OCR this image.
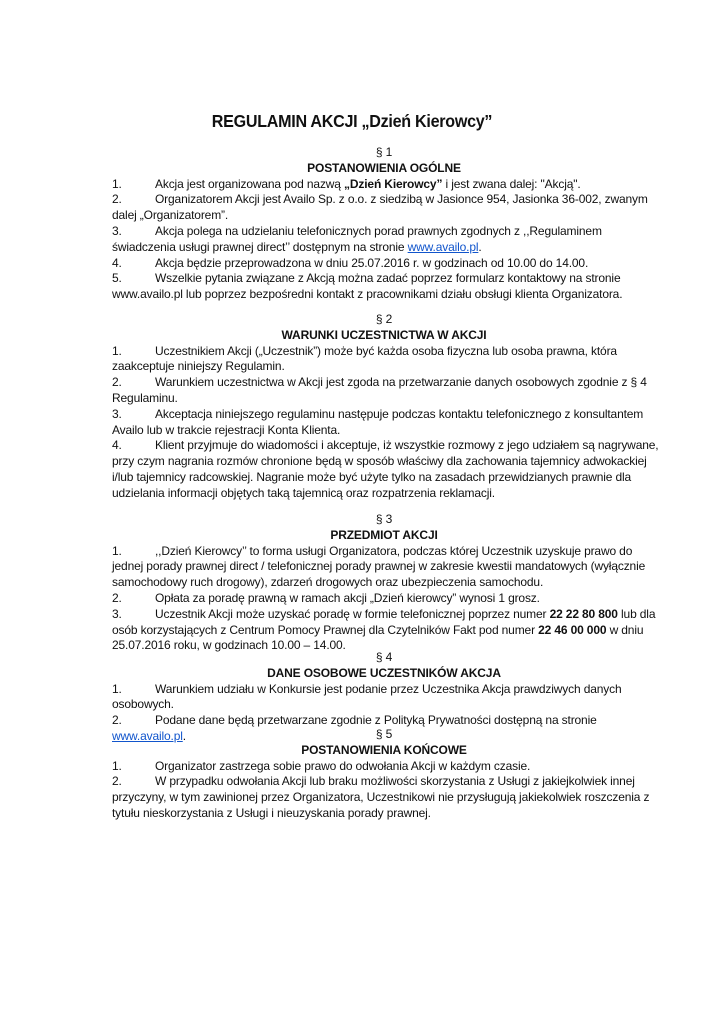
REGULAMIN AKCJI „Dzień Kierowcy”
§ 1
POSTANOWIENIA OGÓLNE
1.	Akcja jest organizowana pod nazwą „Dzień Kierowcy” i jest zwana dalej: "Akcją".
2.	Organizatorem Akcji jest Availo Sp. z o.o. z siedzibą w Jasionce 954, Jasionka 36-002, zwanym dalej „Organizatorem”.
3.	Akcja polega na udzielaniu telefonicznych porad prawnych zgodnych z ,,Regulaminem świadczenia usługi prawnej direct’’ dostępnym na stronie www.availo.pl.
4.	Akcja będzie przeprowadzona w dniu 25.07.2016 r. w godzinach od 10.00 do 14.00.
5.	Wszelkie pytania związane z Akcją można zadać poprzez formularz kontaktowy na stronie www.availo.pl lub poprzez bezpośredni kontakt z pracownikami działu obsługi klienta Organizatora.
§ 2
WARUNKI UCZESTNICTWA W AKCJI
1.	Uczestnikiem Akcji („Uczestnik”) może być każda osoba fizyczna lub osoba prawna, która zaakceptuje niniejszy Regulamin.
2.	Warunkiem uczestnictwa w Akcji jest zgoda na przetwarzanie danych osobowych zgodnie z § 4 Regulaminu.
3.	Akceptacja niniejszego regulaminu następuje podczas kontaktu telefonicznego z konsultantem Availo lub w trakcie rejestracji Konta Klienta.
4.	Klient przyjmuje do wiadomości i akceptuje, iż wszystkie rozmowy z jego udziałem są nagrywane, przy czym nagrania rozmów chronione będą w sposób właściwy dla zachowania tajemnicy adwokackiej i/lub tajemnicy radcowskiej. Nagranie może być użyte tylko na zasadach przewidzianych prawnie dla udzielania informacji objętych taką tajemnicą oraz rozpatrzenia reklamacji.
§ 3
PRZEDMIOT AKCJI
1.	,,Dzień Kierowcy’’ to forma usługi Organizatora, podczas której Uczestnik uzyskuje prawo do jednej porady prawnej direct / telefonicznej porady prawnej w zakresie kwestii mandatowych (wyłącznie samochodowy ruch drogowy), zdarzeń drogowych oraz ubezpieczenia samochodu.
2.	Opłata za poradę prawną w ramach akcji „Dzień kierowcy” wynosi 1 grosz.
3.	Uczestnik Akcji może uzyskać poradę w formie telefonicznej poprzez numer 22 22 80 800 lub dla osób korzystających z Centrum Pomocy Prawnej dla Czytelników Fakt pod numer 22 46 00 000 w dniu 25.07.2016 roku, w godzinach 10.00 – 14.00.
§ 4
DANE OSOBOWE UCZESTNIKÓW AKCJA
1.	Warunkiem udziału w Konkursie jest podanie przez Uczestnika Akcja prawdziwych danych osobowych.
2.	Podane dane będą przetwarzane zgodnie z Polityką Prywatności dostępną na stronie www.availo.pl.	§ 5
POSTANOWIENIA KOŃCOWE
1.	Organizator zastrzega sobie prawo do odwołania Akcji w każdym czasie.
2.	W przypadku odwołania Akcji lub braku możliwości skorzystania z Usługi z jakiejkolwiek innej przyczyny, w tym zawinionej przez Organizatora, Uczestnikowi nie przysługują jakiekolwiek roszczenia z tytułu nieskorzystania z Usługi i nieuzyskania porady prawnej.
